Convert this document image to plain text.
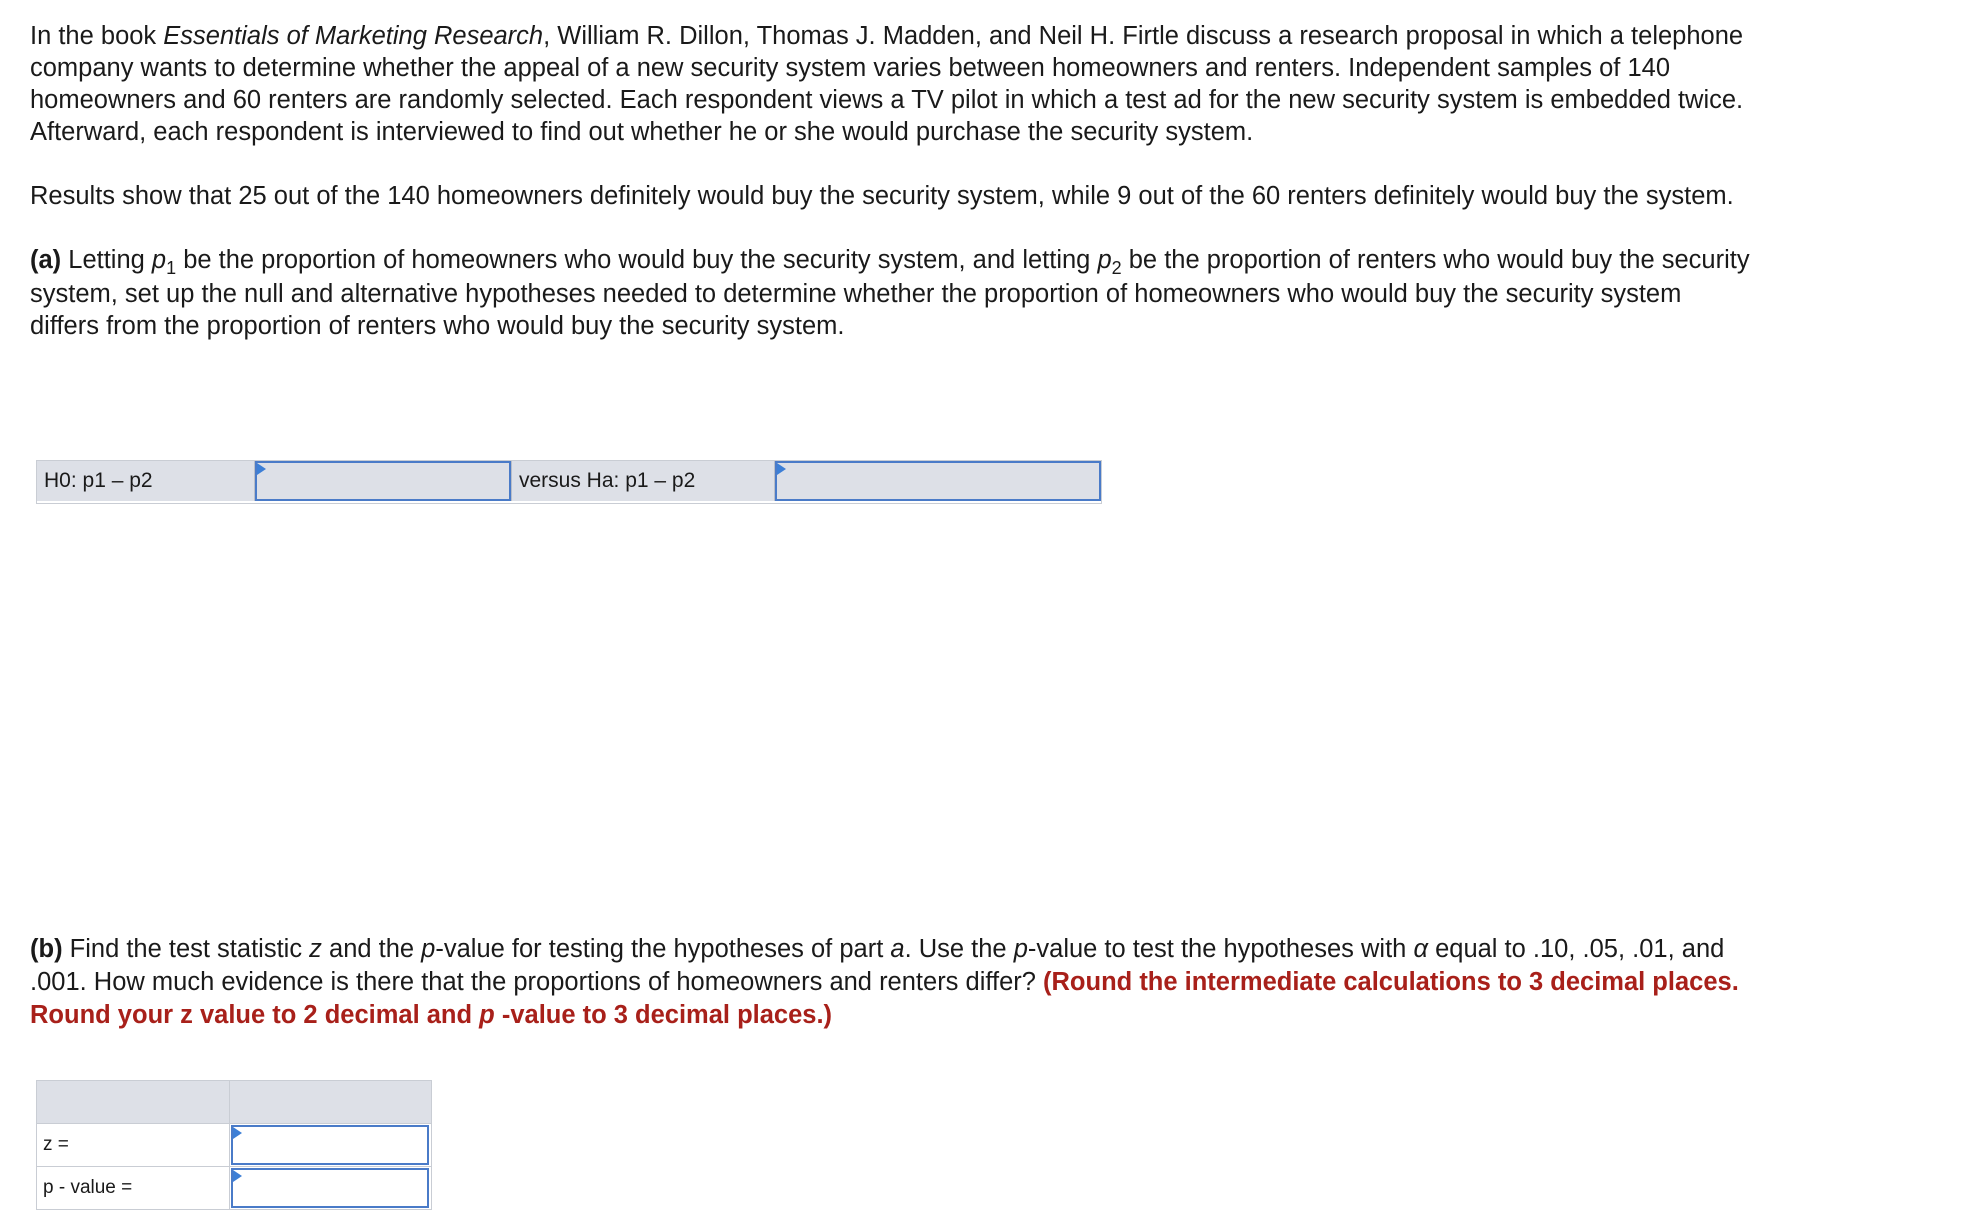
In the book Essentials of Marketing Research, William R. Dillon, Thomas J. Madden, and Neil H. Firtle discuss a research proposal in which a telephone company wants to determine whether the appeal of a new security system varies between homeowners and renters. Independent samples of 140 homeowners and 60 renters are randomly selected. Each respondent views a TV pilot in which a test ad for the new security system is embedded twice. Afterward, each respondent is interviewed to find out whether he or she would purchase the security system.

Results show that 25 out of the 140 homeowners definitely would buy the security system, while 9 out of the 60 renters definitely would buy the system.

(a) Letting $p_1$ be the proportion of homeowners who would buy the security system, and letting $p_2$ be the proportion of renters who would buy the security system, set up the null and alternative hypotheses needed to determine whether the proportion of homeowners who would buy the security system differs from the proportion of renters who would buy the security system.

H0: p1 – p2	versus Ha: p1 – p2
(b) Find the test statistic z and the p-value for testing the hypotheses of part a. Use the p-value to test the hypotheses with α equal to .10, .05, .01, and .001. How much evidence is there that the proportions of homeowners and renters differ? (Round the intermediate calculations to 3 decimal places. Round your z value to 2 decimal and p -value to 3 decimal places.)
z =
p - value =
